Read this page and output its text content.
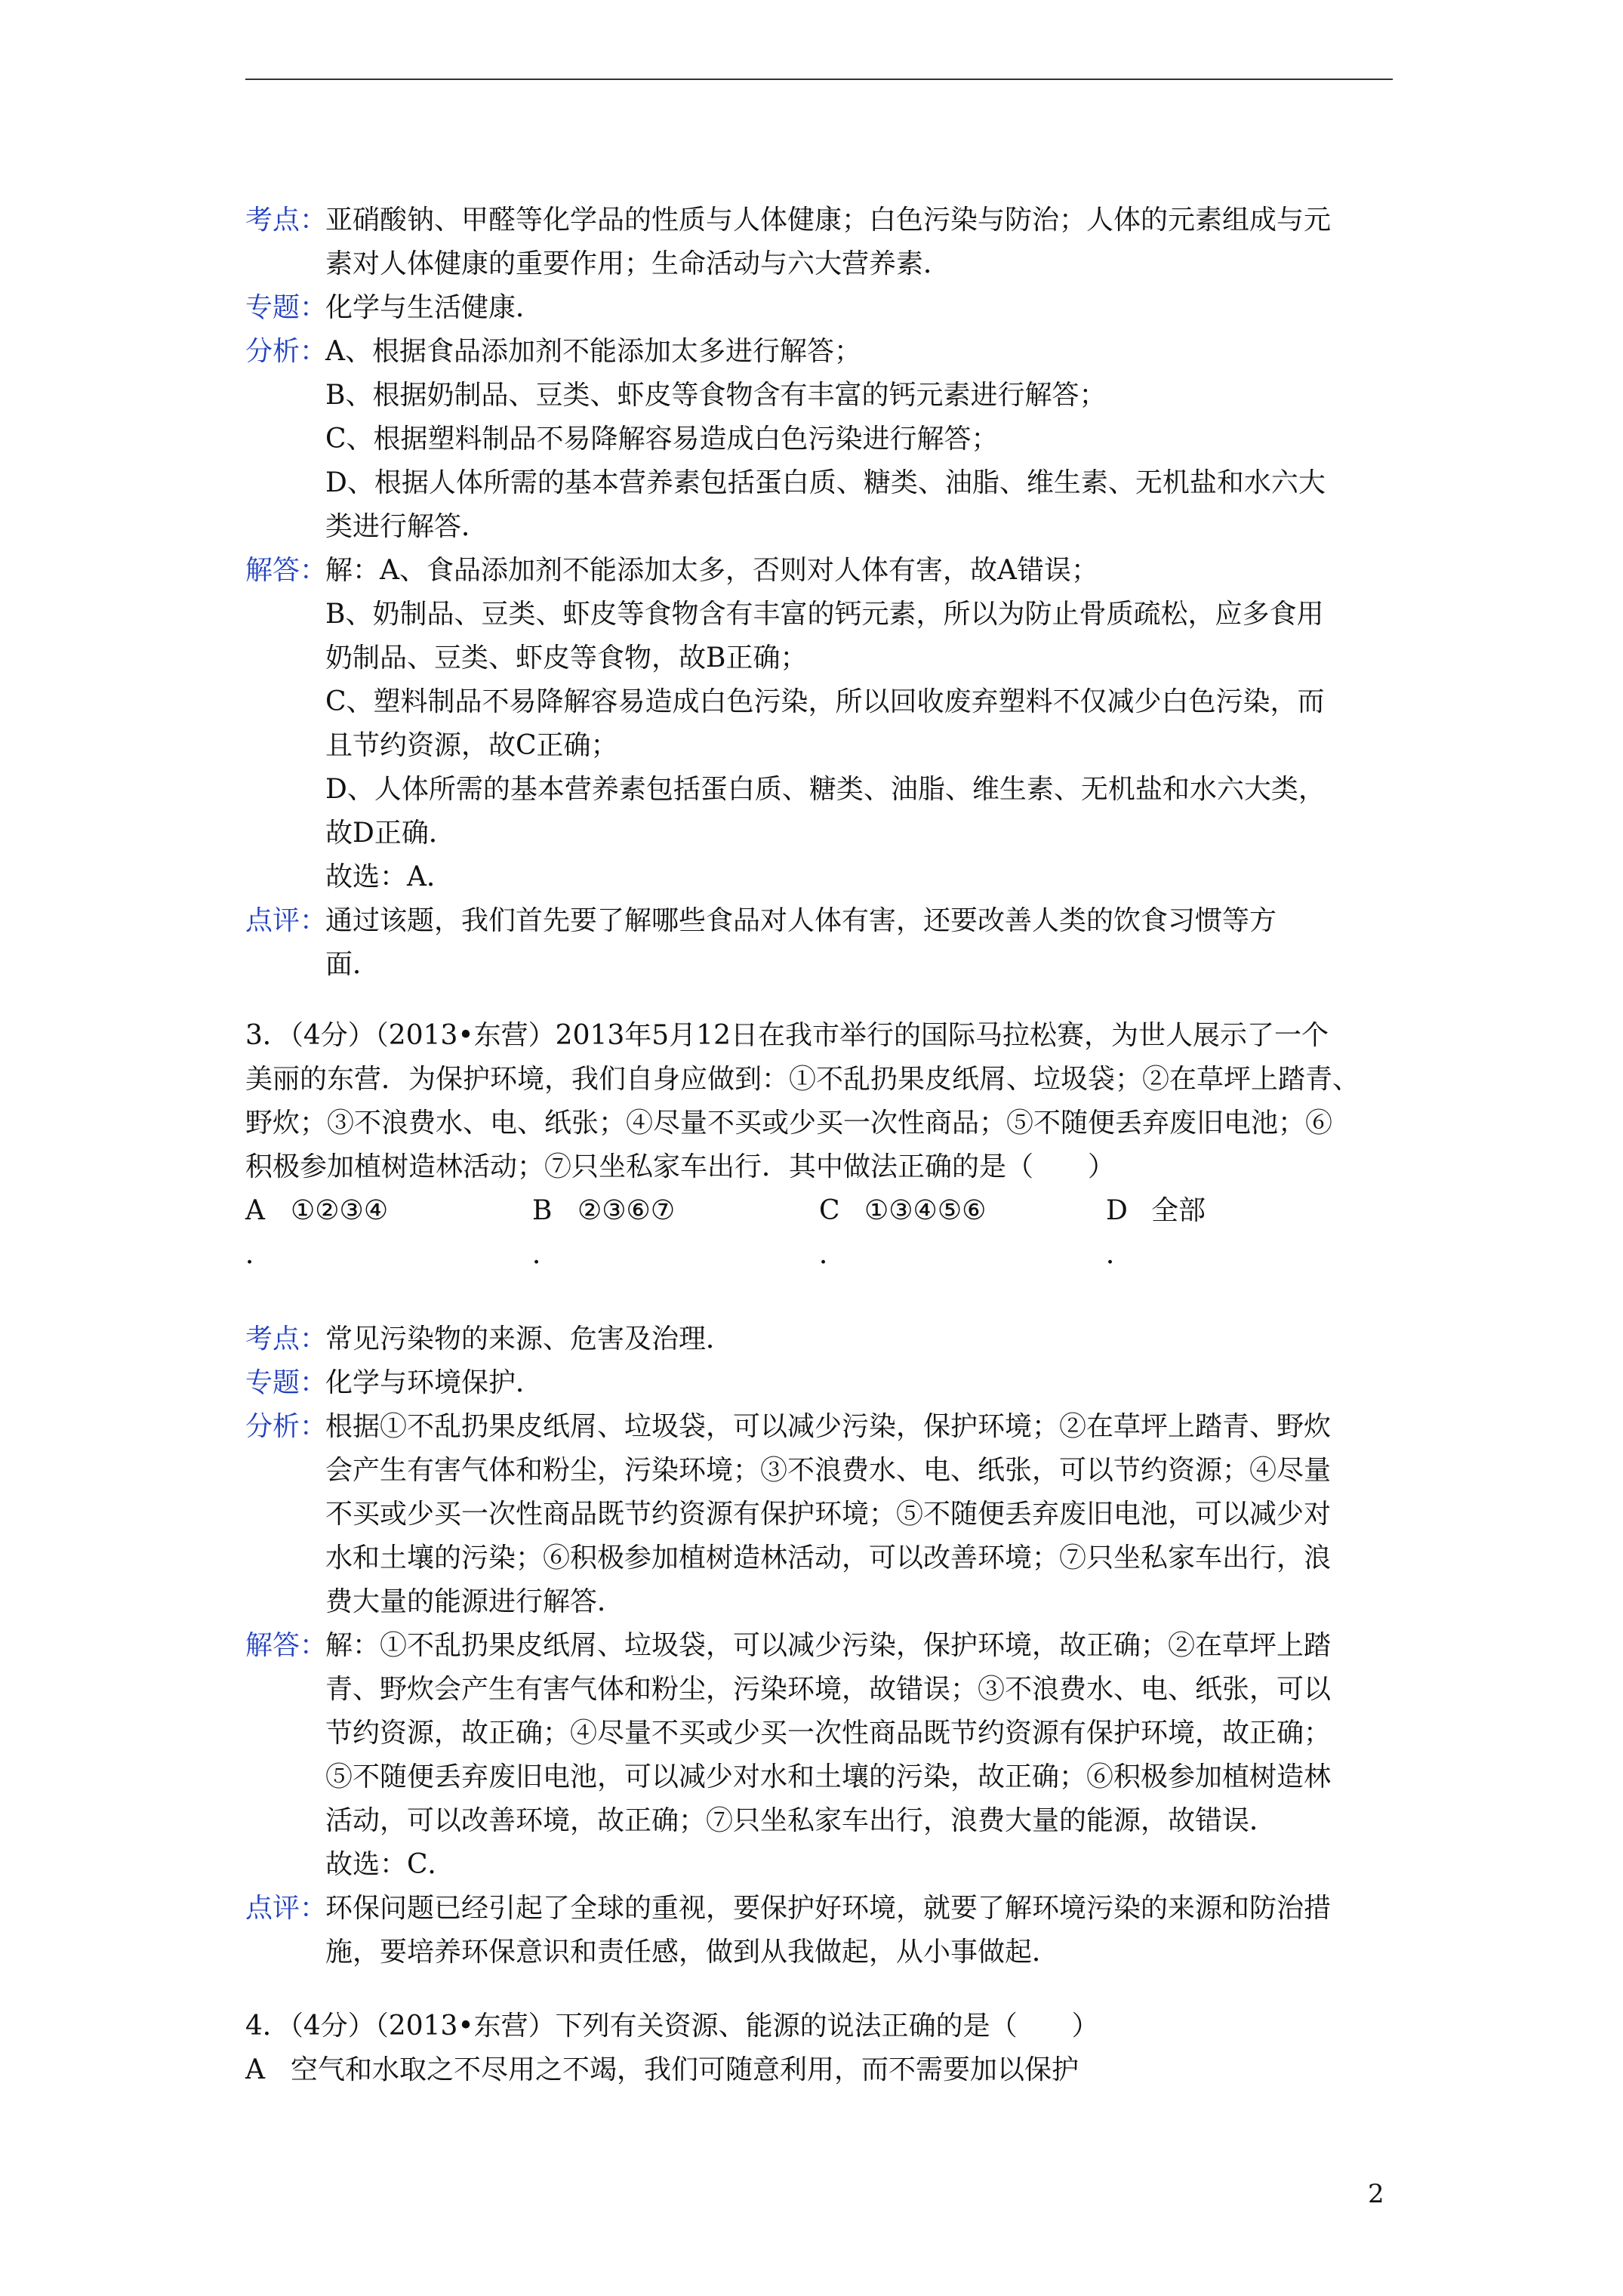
考点：
亚硝酸钠、甲醛等化学品的性质与人体健康；白色污染与防治；人体的元素组成与元
素对人体健康的重要作用；生命活动与六大营养素．
专题：
化学与生活健康．
分析：
A、根据食品添加剂不能添加太多进行解答；
B、根据奶制品、豆类、虾皮等食物含有丰富的钙元素进行解答；
C、根据塑料制品不易降解容易造成白色污染进行解答；
D、根据人体所需的基本营养素包括蛋白质、糖类、油脂、维生素、无机盐和水六大
类进行解答．
解答：
解：A、食品添加剂不能添加太多，否则对人体有害，故A错误；
B、奶制品、豆类、虾皮等食物含有丰富的钙元素，所以为防止骨质疏松，应多食用
奶制品、豆类、虾皮等食物，故B正确；
C、塑料制品不易降解容易造成白色污染，所以回收废弃塑料不仅减少白色污染，而
且节约资源，故C正确；
D、人体所需的基本营养素包括蛋白质、糖类、油脂、维生素、无机盐和水六大类，
故D正确．
故选：A．
点评：
通过该题，我们首先要了解哪些食品对人体有害，还要改善人类的饮食习惯等方
面．
3．（4分）（2013•东营）2013年5月12日在我市举行的国际马拉松赛，为世人展示了一个
美丽的东营．为保护环境，我们自身应做到：①不乱扔果皮纸屑、垃圾袋；②在草坪上踏青、
野炊；③不浪费水、电、纸张；④尽量不买或少买一次性商品；⑤不随便丢弃废旧电池；⑥
积极参加植树造林活动；⑦只坐私家车出行．其中做法正确的是（　　）
A ①②③④	B ②③⑥⑦	C ①③④⑤⑥	D 全部
．	．	．	．
考点：
常见污染物的来源、危害及治理．
专题：
化学与环境保护．
分析：
根据①不乱扔果皮纸屑、垃圾袋，可以减少污染，保护环境；②在草坪上踏青、野炊
会产生有害气体和粉尘，污染环境；③不浪费水、电、纸张，可以节约资源；④尽量
不买或少买一次性商品既节约资源有保护环境；⑤不随便丢弃废旧电池，可以减少对
水和土壤的污染；⑥积极参加植树造林活动，可以改善环境；⑦只坐私家车出行，浪
费大量的能源进行解答．
解答：
解：①不乱扔果皮纸屑、垃圾袋，可以减少污染，保护环境，故正确；②在草坪上踏
青、野炊会产生有害气体和粉尘，污染环境，故错误；③不浪费水、电、纸张，可以
节约资源，故正确；④尽量不买或少买一次性商品既节约资源有保护环境，故正确；
⑤不随便丢弃废旧电池，可以减少对水和土壤的污染，故正确；⑥积极参加植树造林
活动，可以改善环境，故正确；⑦只坐私家车出行，浪费大量的能源，故错误．
故选：C．
点评：
环保问题已经引起了全球的重视，要保护好环境，就要了解环境污染的来源和防治措
施，要培养环保意识和责任感，做到从我做起，从小事做起．
4．（4分）（2013•东营）下列有关资源、能源的说法正确的是（　　）
A 空气和水取之不尽用之不竭，我们可随意利用，而不需要加以保护
2
